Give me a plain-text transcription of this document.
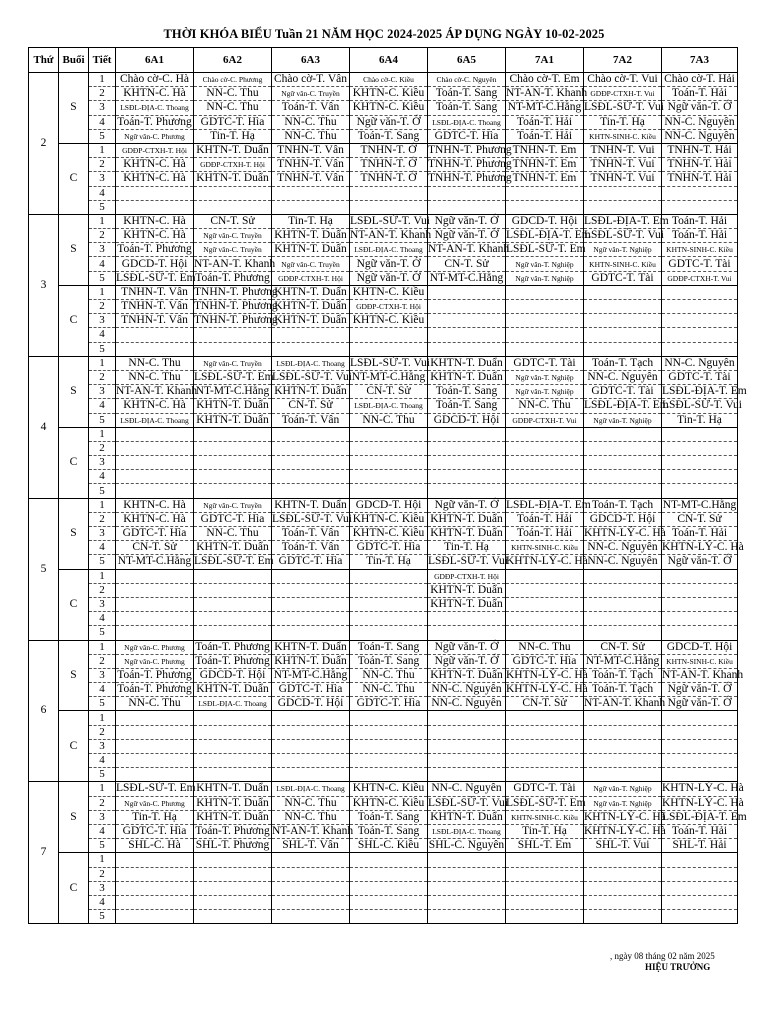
THỜI KHÓA BIỂU Tuần 21 NĂM HỌC 2024-2025 ÁP DỤNG NGÀY 10-02-2025
Thứ	Buổi	Tiết	6A1	6A2	6A3	6A4	6A5	7A1	7A2	7A3
2	S	1	Chào cờ-C. Hà	Chào cờ-C. Phương	Chào cờ-T. Vân	Chào cờ-C. Kiều	Chào cờ-C. Nguyên	Chào cờ-T. Em	Chào cờ-T. Vui	Chào cờ-T. Hải
		2	KHTN-C. Hà	NN-C. Thu	Ngữ văn-C. Truyền	KHTN-C. Kiều	Toán-T. Sang	NT-AN-T. Khanh	GDĐP-CTXH-T. Vui	Toán-T. Hải
		3	LSĐL-ĐỊA-C. Thoang	NN-C. Thu	Toán-T. Vân	KHTN-C. Kiều	Toán-T. Sang	NT-MT-C.Hằng	LSĐL-SỬ-T. Vui	Ngữ văn-T. Ớ
		4	Toán-T. Phương	GDTC-T. Hìa	NN-C. Thu	Ngữ văn-T. Ớ	LSĐL-ĐỊA-C. Thoang	Toán-T. Hải	Tin-T. Hạ	NN-C. Nguyên
		5	Ngữ văn-C. Phương	Tin-T. Hạ	NN-C. Thu	Toán-T. Sang	GDTC-T. Hìa	Toán-T. Hải	KHTN-SINH-C. Kiều	NN-C. Nguyên
	C	1	GDĐP-CTXH-T. Hội	KHTN-T. Duẩn	TNHN-T. Vân	TNHN-T. Ớ	TNHN-T. Phương	TNHN-T. Em	TNHN-T. Vui	TNHN-T. Hải
		2	KHTN-C. Hà	GDĐP-CTXH-T. Hội	TNHN-T. Vân	TNHN-T. Ớ	TNHN-T. Phương	TNHN-T. Em	TNHN-T. Vui	TNHN-T. Hải
		3	KHTN-C. Hà	KHTN-T. Duẩn	TNHN-T. Vân	TNHN-T. Ớ	TNHN-T. Phương	TNHN-T. Em	TNHN-T. Vui	TNHN-T. Hải
		4								
		5								
3	S	1	KHTN-C. Hà	CN-T. Sử	Tin-T. Hạ	LSĐL-SỬ-T. Vui	Ngữ văn-T. Ớ	GDCD-T. Hội	LSĐL-ĐỊA-T. Em	Toán-T. Hải
		2	KHTN-C. Hà	Ngữ văn-C. Truyền	KHTN-T. Duẩn	NT-AN-T. Khanh	Ngữ văn-T. Ớ	LSĐL-ĐỊA-T. Em	LSĐL-SỬ-T. Vui	Toán-T. Hải
		3	Toán-T. Phương	Ngữ văn-C. Truyền	KHTN-T. Duẩn	LSĐL-ĐỊA-C. Thoang	NT-AN-T. Khanh	LSĐL-SỬ-T. Em	Ngữ văn-T. Nghiệp	KHTN-SINH-C. Kiều
		4	GDCD-T. Hội	NT-AN-T. Khanh	Ngữ văn-C. Truyền	Ngữ văn-T. Ớ	CN-T. Sử	Ngữ văn-T. Nghiệp	KHTN-SINH-C. Kiều	GDTC-T. Tài
		5	LSĐL-SỬ-T. Em	Toán-T. Phương	GDĐP-CTXH-T. Hội	Ngữ văn-T. Ớ	NT-MT-C.Hằng	Ngữ văn-T. Nghiệp	GDTC-T. Tài	GDĐP-CTXH-T. Vui
	C	1	TNHN-T. Vân	TNHN-T. Phương	KHTN-T. Duẩn	KHTN-C. Kiều				
		2	TNHN-T. Vân	TNHN-T. Phương	KHTN-T. Duẩn	GDĐP-CTXH-T. Hội				
		3	TNHN-T. Vân	TNHN-T. Phương	KHTN-T. Duẩn	KHTN-C. Kiều				
		4								
		5								
4	S	1	NN-C. Thu	Ngữ văn-C. Truyền	LSĐL-ĐỊA-C. Thoang	LSĐL-SỬ-T. Vui	KHTN-T. Duẩn	GDTC-T. Tài	Toán-T. Tạch	NN-C. Nguyên
		2	NN-C. Thu	LSĐL-SỬ-T. Em	LSĐL-SỬ-T. Vui	NT-MT-C.Hằng	KHTN-T. Duẩn	Ngữ văn-T. Nghiệp	NN-C. Nguyên	GDTC-T. Tài
		3	NT-AN-T. Khanh	NT-MT-C.Hằng	KHTN-T. Duẩn	CN-T. Sử	Toán-T. Sang	Ngữ văn-T. Nghiệp	GDTC-T. Tài	LSĐL-ĐỊA-T. Em
		4	KHTN-C. Hà	KHTN-T. Duẩn	CN-T. Sử	LSĐL-ĐỊA-C. Thoang	Toán-T. Sang	NN-C. Thu	LSĐL-ĐỊA-T. Em	LSĐL-SỬ-T. Vui
		5	LSĐL-ĐỊA-C. Thoang	KHTN-T. Duẩn	Toán-T. Vân	NN-C. Thu	GDCD-T. Hội	GDĐP-CTXH-T. Vui	Ngữ văn-T. Nghiệp	Tin-T. Hạ
	C	1								
		2								
		3								
		4								
		5								
5	S	1	KHTN-C. Hà	Ngữ văn-C. Truyền	KHTN-T. Duẩn	GDCD-T. Hội	Ngữ văn-T. Ớ	LSĐL-ĐỊA-T. Em	Toán-T. Tạch	NT-MT-C.Hằng
		2	KHTN-C. Hà	GDTC-T. Hìa	LSĐL-SỬ-T. Vui	KHTN-C. Kiều	KHTN-T. Duẩn	Toán-T. Hải	GDCD-T. Hội	CN-T. Sử
		3	GDTC-T. Hìa	NN-C. Thu	Toán-T. Vân	KHTN-C. Kiều	KHTN-T. Duẩn	Toán-T. Hải	KHTN-LÝ-C. Hà	Toán-T. Hải
		4	CN-T. Sử	KHTN-T. Duẩn	Toán-T. Vân	GDTC-T. Hìa	Tin-T. Hạ	KHTN-SINH-C. Kiều	NN-C. Nguyên	KHTN-LÝ-C. Hà
		5	NT-MT-C.Hằng	LSĐL-SỬ-T. Em	GDTC-T. Hìa	Tin-T. Hạ	LSĐL-SỬ-T. Vui	KHTN-LÝ-C. Hà	NN-C. Nguyên	Ngữ văn-T. Ớ
	C	1					GDĐP-CTXH-T. Hội			
		2					KHTN-T. Duẩn			
		3					KHTN-T. Duẩn			
		4								
		5								
6	S	1	Ngữ văn-C. Phương	Toán-T. Phương	KHTN-T. Duẩn	Toán-T. Sang	Ngữ văn-T. Ớ	NN-C. Thu	CN-T. Sử	GDCD-T. Hội
		2	Ngữ văn-C. Phương	Toán-T. Phương	KHTN-T. Duẩn	Toán-T. Sang	Ngữ văn-T. Ớ	GDTC-T. Hìa	NT-MT-C.Hằng	KHTN-SINH-C. Kiều
		3	Toán-T. Phương	GDCD-T. Hội	NT-MT-C.Hằng	NN-C. Thu	KHTN-T. Duẩn	KHTN-LÝ-C. Hà	Toán-T. Tạch	NT-AN-T. Khanh
		4	Toán-T. Phương	KHTN-T. Duẩn	GDTC-T. Hìa	NN-C. Thu	NN-C. Nguyên	KHTN-LÝ-C. Hà	Toán-T. Tạch	Ngữ văn-T. Ớ
		5	NN-C. Thu	LSĐL-ĐỊA-C. Thoang	GDCD-T. Hội	GDTC-T. Hìa	NN-C. Nguyên	CN-T. Sử	NT-AN-T. Khanh	Ngữ văn-T. Ớ
	C	1								
		2								
		3								
		4								
		5								
7	S	1	LSĐL-SỬ-T. Em	KHTN-T. Duẩn	LSĐL-ĐỊA-C. Thoang	KHTN-C. Kiều	NN-C. Nguyên	GDTC-T. Tài	Ngữ văn-T. Nghiệp	KHTN-LÝ-C. Hà
		2	Ngữ văn-C. Phương	KHTN-T. Duẩn	NN-C. Thu	KHTN-C. Kiều	LSĐL-SỬ-T. Vui	LSĐL-SỬ-T. Em	Ngữ văn-T. Nghiệp	KHTN-LÝ-C. Hà
		3	Tin-T. Hạ	KHTN-T. Duẩn	NN-C. Thu	Toán-T. Sang	KHTN-T. Duẩn	KHTN-SINH-C. Kiều	KHTN-LÝ-C. Hà	LSĐL-ĐỊA-T. Em
		4	GDTC-T. Hìa	Toán-T. Phương	NT-AN-T. Khanh	Toán-T. Sang	LSĐL-ĐỊA-C. Thoang	Tin-T. Hạ	KHTN-LÝ-C. Hà	Toán-T. Hải
		5	SHL-C. Hà	SHL-T. Phương	SHL-T. Vân	SHL-C. Kiều	SHL-C. Nguyên	SHL-T. Em	SHL-T. Vui	SHL-T. Hải
	C	1								
		2								
		3								
		4								
		5								
, ngày 08 tháng 02 năm 2025
HIỆU TRƯỞNG
